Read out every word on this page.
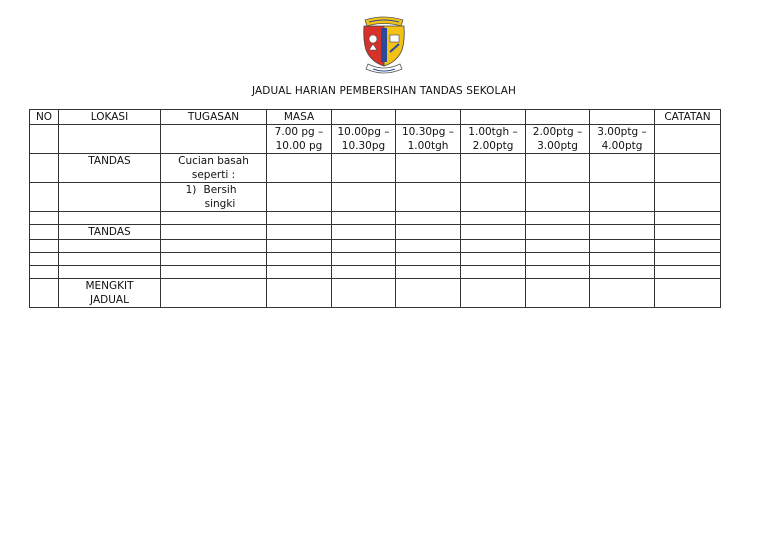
JADUAL HARIAN PEMBERSIHAN TANDAS SEKOLAH
NO	LOKASI	TUGASAN	MASA						CATATAN
			7.00 pg – 10.00 pg	10.00pg – 10.30pg	10.30pg – 1.00tgh	1.00tgh – 2.00ptg	2.00ptg – 3.00ptg	3.00ptg – 4.00ptg	
	TANDAS	Cucian basah seperti :							

		1) Bersih singki							

	TANDAS								

	MENGKIT JADUAL								
